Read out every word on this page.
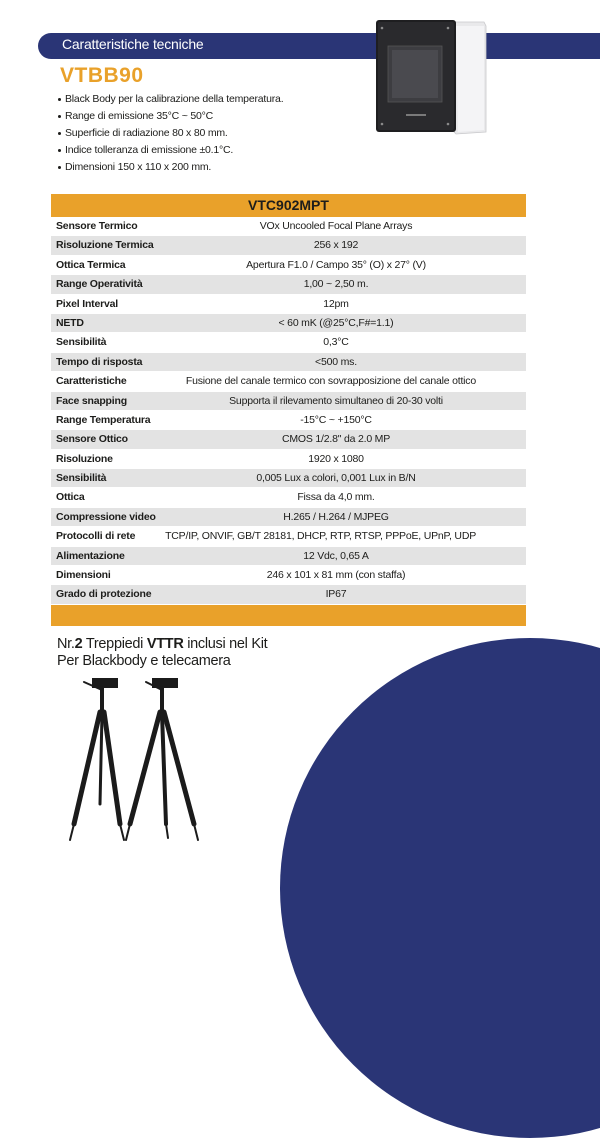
Caratteristiche tecniche
VTBB90
Black Body per la calibrazione della temperatura.
Range di emissione 35°C ~ 50°C
Superficie di radiazione 80 x 80 mm.
Indice tolleranza di emissione ±0.1°C.
Dimensioni 150 x 110 x 200 mm.
VTC902MPT
Sensore Termico	VOx Uncooled Focal Plane Arrays
Risoluzione Termica	256 x 192
Ottica Termica	Apertura F1.0 / Campo 35° (O) x 27° (V)
Range Operatività	1,00 ~ 2,50 m.
Pixel Interval	12pm
NETD	< 60 mK (@25°C,F#=1.1)
Sensibilità	0,3°C
Tempo di risposta	<500 ms.
Caratteristiche	Fusione del canale termico con sovrapposizione del canale ottico
Face snapping	Supporta il rilevamento simultaneo di 20-30 volti
Range Temperatura	-15°C ~ +150°C
Sensore Ottico	CMOS 1/2.8" da 2.0 MP
Risoluzione	1920 x 1080
Sensibilità	0,005 Lux a colori, 0,001 Lux in B/N
Ottica	Fissa da 4,0 mm.
Compressione video	H.265 / H.264 / MJPEG
Protocolli di rete	TCP/IP, ONVIF, GB/T 28181, DHCP, RTP, RTSP, PPPoE, UPnP, UDP
Alimentazione	12 Vdc, 0,65 A
Dimensioni	246 x 101 x 81 mm (con staffa)
Grado di protezione	IP67
Nr.2 Treppiedi VTTR inclusi nel Kit
Per Blackbody e telecamera
